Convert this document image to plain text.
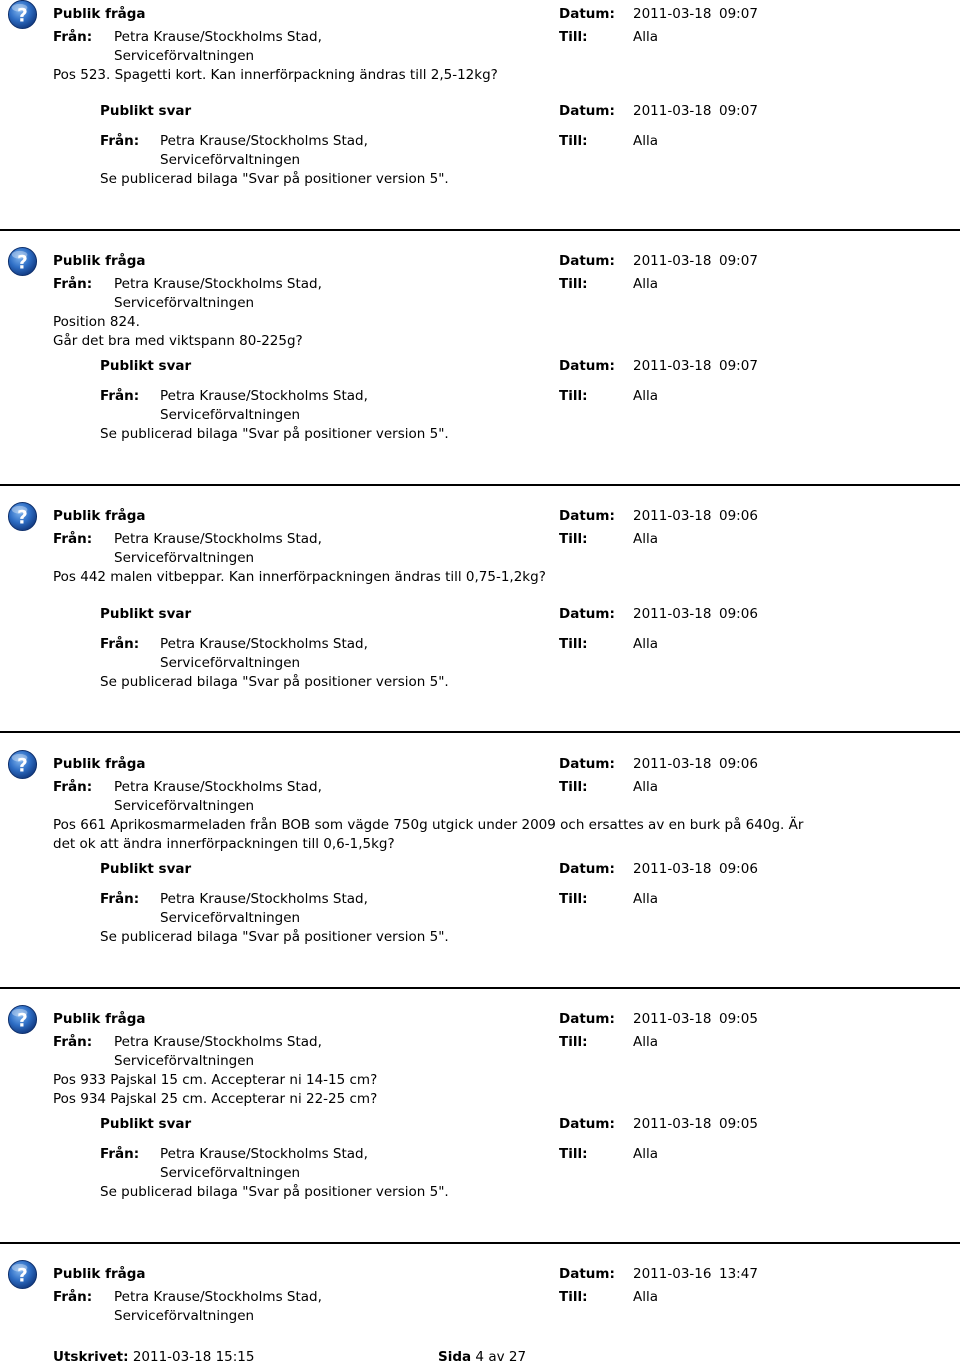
? Publik fråga	Datum: 2011-03-18 09:07
Från: Petra Krause/Stockholms Stad,
Serviceförvaltningen
Till:	Alla
Pos 523. Spagetti kort. Kan innerförpackning ändras till 2,5-12kg?
Publikt svar	Datum: 2011-03-18 09:07
Från: Petra Krause/Stockholms Stad,
Serviceförvaltningen
Till:	Alla
Se publicerad bilaga "Svar på positioner version 5".
? Publik fråga	Datum: 2011-03-18 09:07
Från: Petra Krause/Stockholms Stad,
Serviceförvaltningen
Till:	Alla
Position 824.
Går det bra med viktspann 80-225g?
Publikt svar	Datum: 2011-03-18 09:07
Från: Petra Krause/Stockholms Stad,
Serviceförvaltningen
Till:	Alla
Se publicerad bilaga "Svar på positioner version 5".
? Publik fråga	Datum: 2011-03-18 09:06
Från: Petra Krause/Stockholms Stad,
Serviceförvaltningen
Till:	Alla
Pos 442 malen vitbeppar. Kan innerförpackningen ändras till 0,75-1,2kg?
Publikt svar	Datum: 2011-03-18 09:06
Från: Petra Krause/Stockholms Stad,
Serviceförvaltningen
Till:	Alla
Se publicerad bilaga "Svar på positioner version 5".
? Publik fråga	Datum: 2011-03-18 09:06
Från: Petra Krause/Stockholms Stad,
Serviceförvaltningen
Till:	Alla
Pos 661 Aprikosmarmeladen från BOB som vägde 750g utgick under 2009 och ersattes av en burk på 640g. Är
det ok att ändra innerförpackningen till 0,6-1,5kg?
Publikt svar	Datum: 2011-03-18 09:06
Från: Petra Krause/Stockholms Stad,
Serviceförvaltningen
Till:	Alla
Se publicerad bilaga "Svar på positioner version 5".
? Publik fråga	Datum: 2011-03-18 09:05
Från: Petra Krause/Stockholms Stad,
Serviceförvaltningen
Till:	Alla
Pos 933 Pajskal 15 cm. Accepterar ni 14-15 cm?
Pos 934 Pajskal 25 cm. Accepterar ni 22-25 cm?
Publikt svar	Datum: 2011-03-18 09:05
Från: Petra Krause/Stockholms Stad,
Serviceförvaltningen
Till:	Alla
Se publicerad bilaga "Svar på positioner version 5".
? Publik fråga	Datum: 2011-03-16 13:47
Från: Petra Krause/Stockholms Stad,
Serviceförvaltningen
Till:	Alla
Utskrivet: 2011-03-18 15:15	Sida 4 av 27
